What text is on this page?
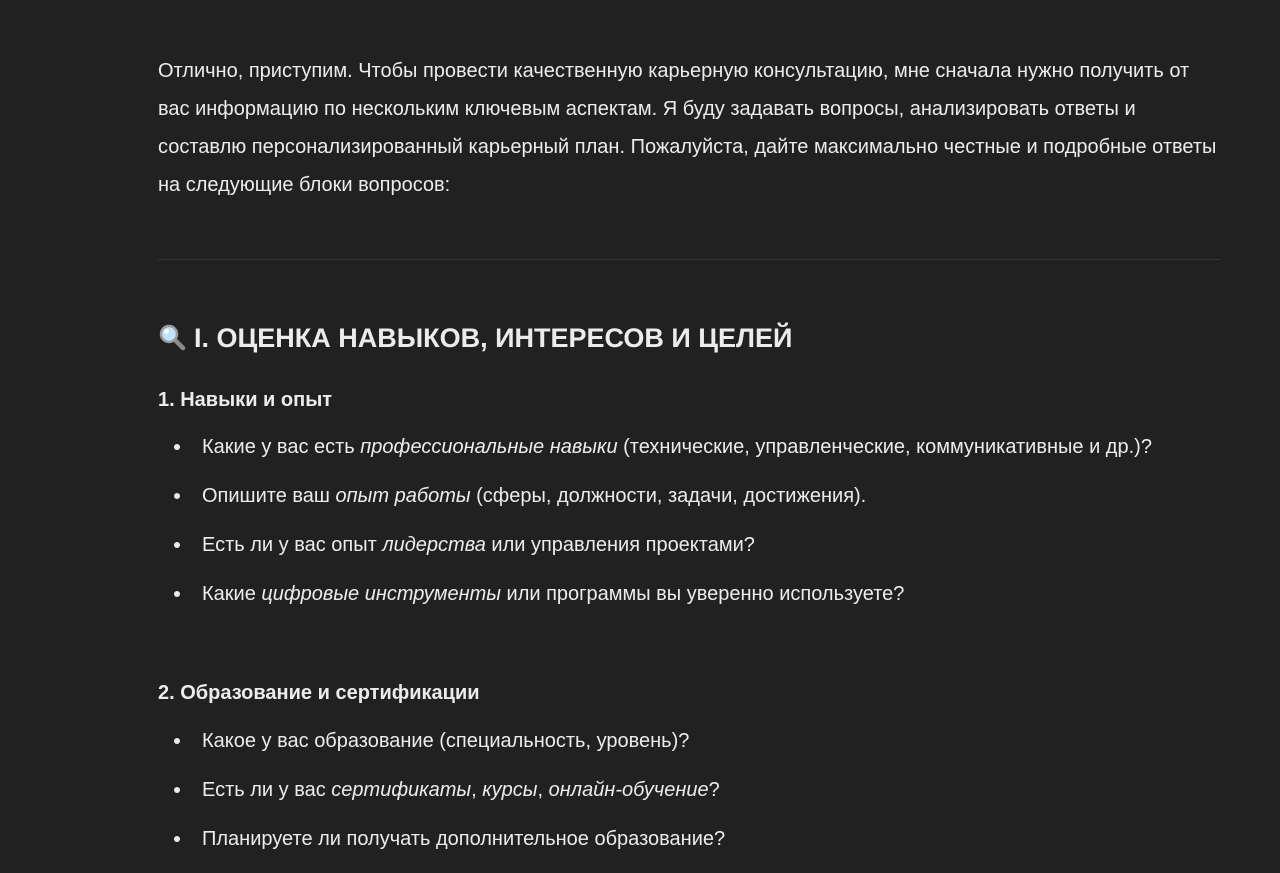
Отлично, приступим. Чтобы провести качественную карьерную консультацию, мне сначала нужно получить от вас информацию по нескольким ключевым аспектам. Я буду задавать вопросы, анализировать ответы и составлю персонализированный карьерный план. Пожалуйста, дайте максимально честные и подробные ответы на следующие блоки вопросов:

I. ОЦЕНКА НАВЫКОВ, ИНТЕРЕСОВ И ЦЕЛЕЙ
1. Навыки и опыт
Какие у вас есть профессиональные навыки (технические, управленческие, коммуникативные и др.)?
Опишите ваш опыт работы (сферы, должности, задачи, достижения).
Есть ли у вас опыт лидерства или управления проектами?
Какие цифровые инструменты или программы вы уверенно используете?
2. Образование и сертификации
Какое у вас образование (специальность, уровень)?
Есть ли у вас сертификаты, курсы, онлайн-обучение?
Планируете ли получать дополнительное образование?
